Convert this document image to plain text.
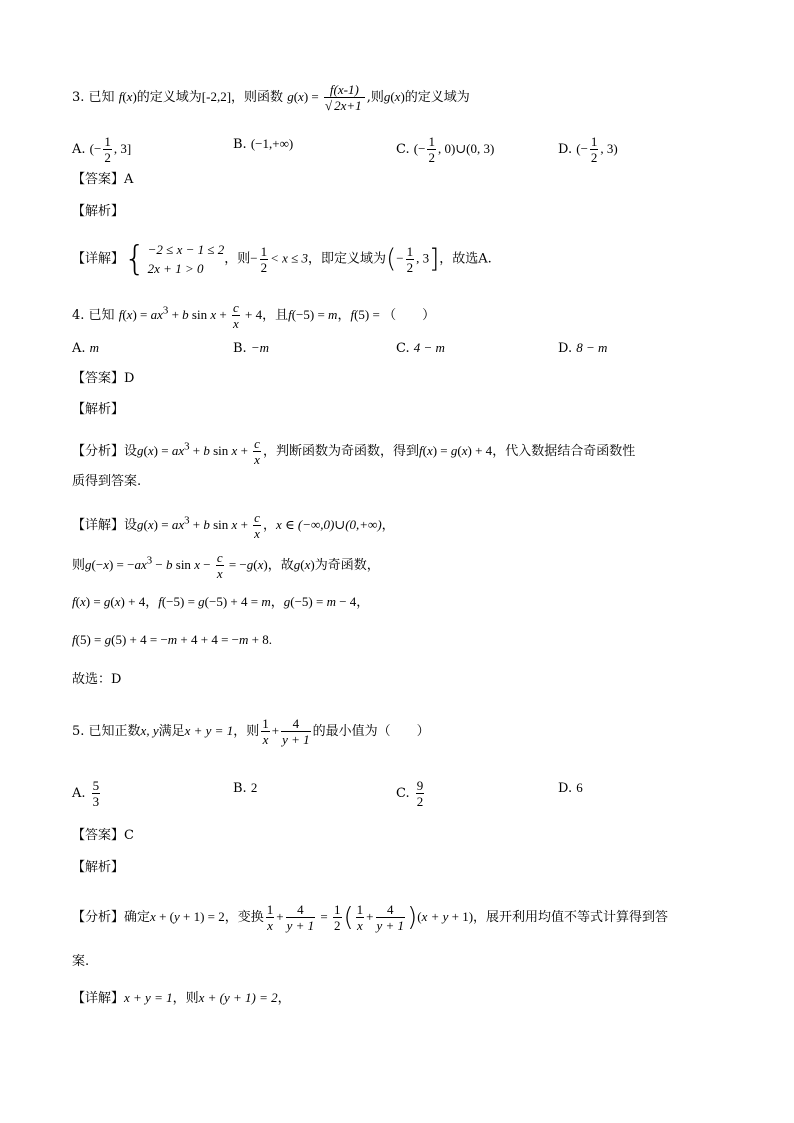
3. 已知 f(x)的定义域为[-2,2]，则函数 $g(x) = \frac{f(x-1)}{√ 2x+1}$ ,则g(x)的定义域为
A. (− $\frac{1}{2}$ , 3]	B. (−1,+∞)	C. (− $\frac{1}{2}$ , 0)∪(0, 3)	D. (− $\frac{1}{2}$ , 3)
【答案】A
【解析】
【详解】{ −2 ≤ x − 1 ≤ 2
2x + 1 > 0，则− $\frac{1}{2} < x \le 3$，即定义域为(− $\frac{1}{2}$ , 3]，故选A.
4. 已知 $f(x) = ax^3 + b$ $\sin x + \frac{c}{x} + 4$，且f(−5) = m，f(5) = （　　）
A. m	B. −m	C. 4 − m	D. 8 − m
【答案】D
【解析】
【分析】设$g(x) = ax^3 + b$ $\sin x + \frac{c}{x}$ ，判断函数为奇函数，得到f(x) = g(x) + 4，代入数据结合奇函数性
质得到答案.
【详解】设$g(x) = ax^3 + b$ $\sin x + \frac{c}{x}$ ，x ∈ (−∞,0)∪(0,+∞)，
则$g(-x) = -ax^3 - b$ $\sin x - \frac{c}{x} = -g(x)$，故g(x)为奇函数，
f(x) = g(x) + 4，f(−5) = g(−5) + 4 = m，g(−5) = m − 4，
f(5) = g(5) + 4 = −m + 4 + 4 = −m + 8.
故选：D
5. 已知正数x, y满足x + y = 1，则 $\frac{1}{x} + \frac{4}{y + 1}$ 的最小值为（　　）
A. $\frac{5}{3}$	B. 2	C. $\frac{9}{2}$	D. 6
【答案】C
【解析】
【分析】确定x + (y + 1) = 2，变换 $\frac{1}{x} + \frac{4}{y + 1} = \frac{1}{2}$ ( $\frac{1}{x} + \frac{4}{y + 1} )(x + y + 1)$，展开利用均值不等式计算得到答
案.
【详解】x + y = 1，则x + (y + 1) = 2，
